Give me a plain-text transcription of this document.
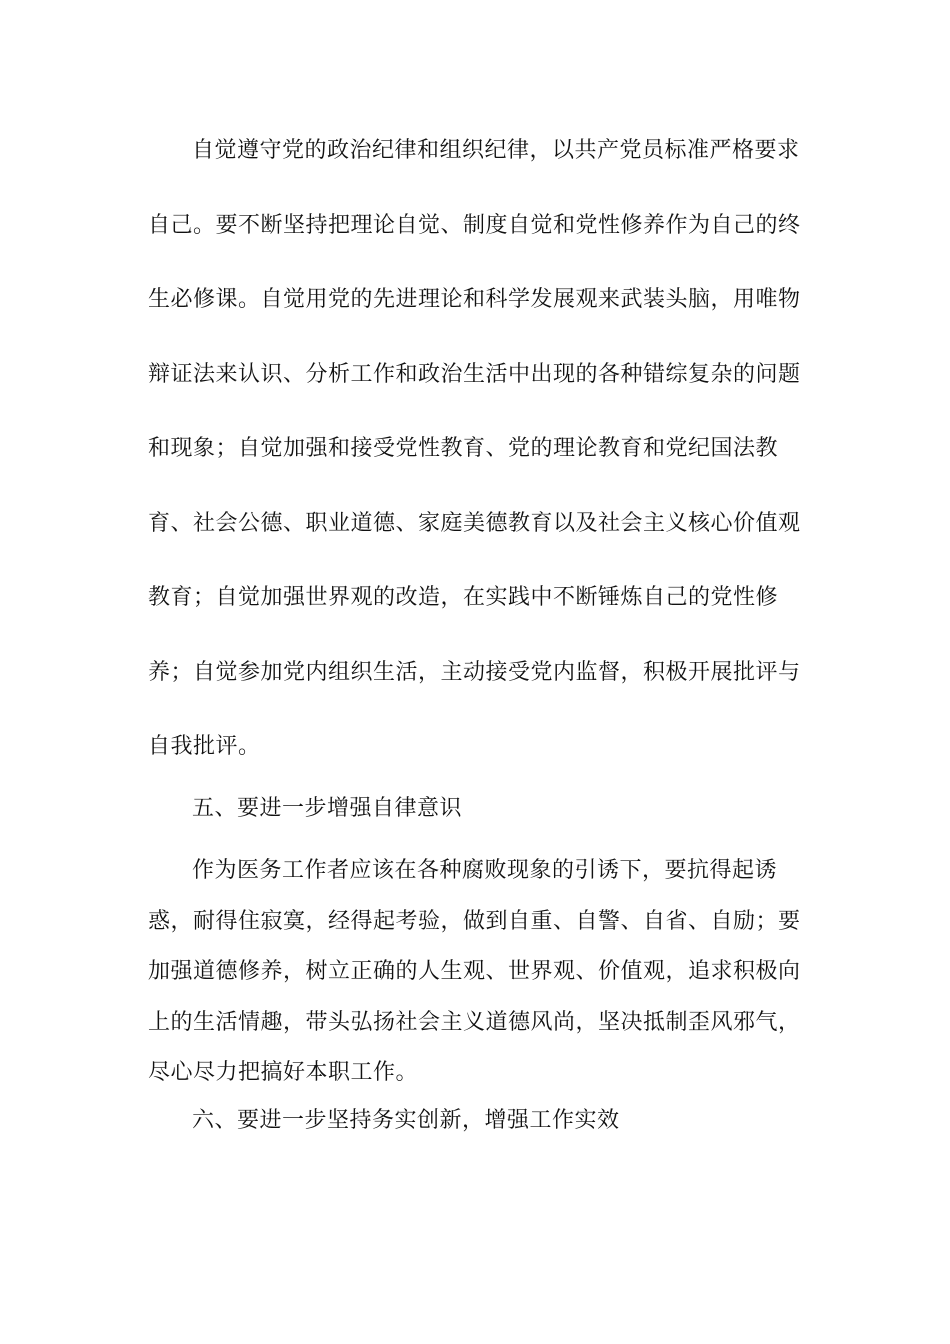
自觉遵守党的政治纪律和组织纪律，以共产党员标准严格要求
自己。要不断坚持把理论自觉、制度自觉和党性修养作为自己的终
生必修课。自觉用党的先进理论和科学发展观来武装头脑，用唯物
辩证法来认识、分析工作和政治生活中出现的各种错综复杂的问题
和现象；自觉加强和接受党性教育、党的理论教育和党纪国法教
育、社会公德、职业道德、家庭美德教育以及社会主义核心价值观
教育；自觉加强世界观的改造，在实践中不断锤炼自己的党性修
养；自觉参加党内组织生活，主动接受党内监督，积极开展批评与
自我批评。
五、要进一步增强自律意识
作为医务工作者应该在各种腐败现象的引诱下，要抗得起诱
惑，耐得住寂寞，经得起考验，做到自重、自警、自省、自励；要
加强道德修养，树立正确的人生观、世界观、价值观，追求积极向
上的生活情趣，带头弘扬社会主义道德风尚，坚决抵制歪风邪气，
尽心尽力把搞好本职工作。
六、要进一步坚持务实创新，增强工作实效
